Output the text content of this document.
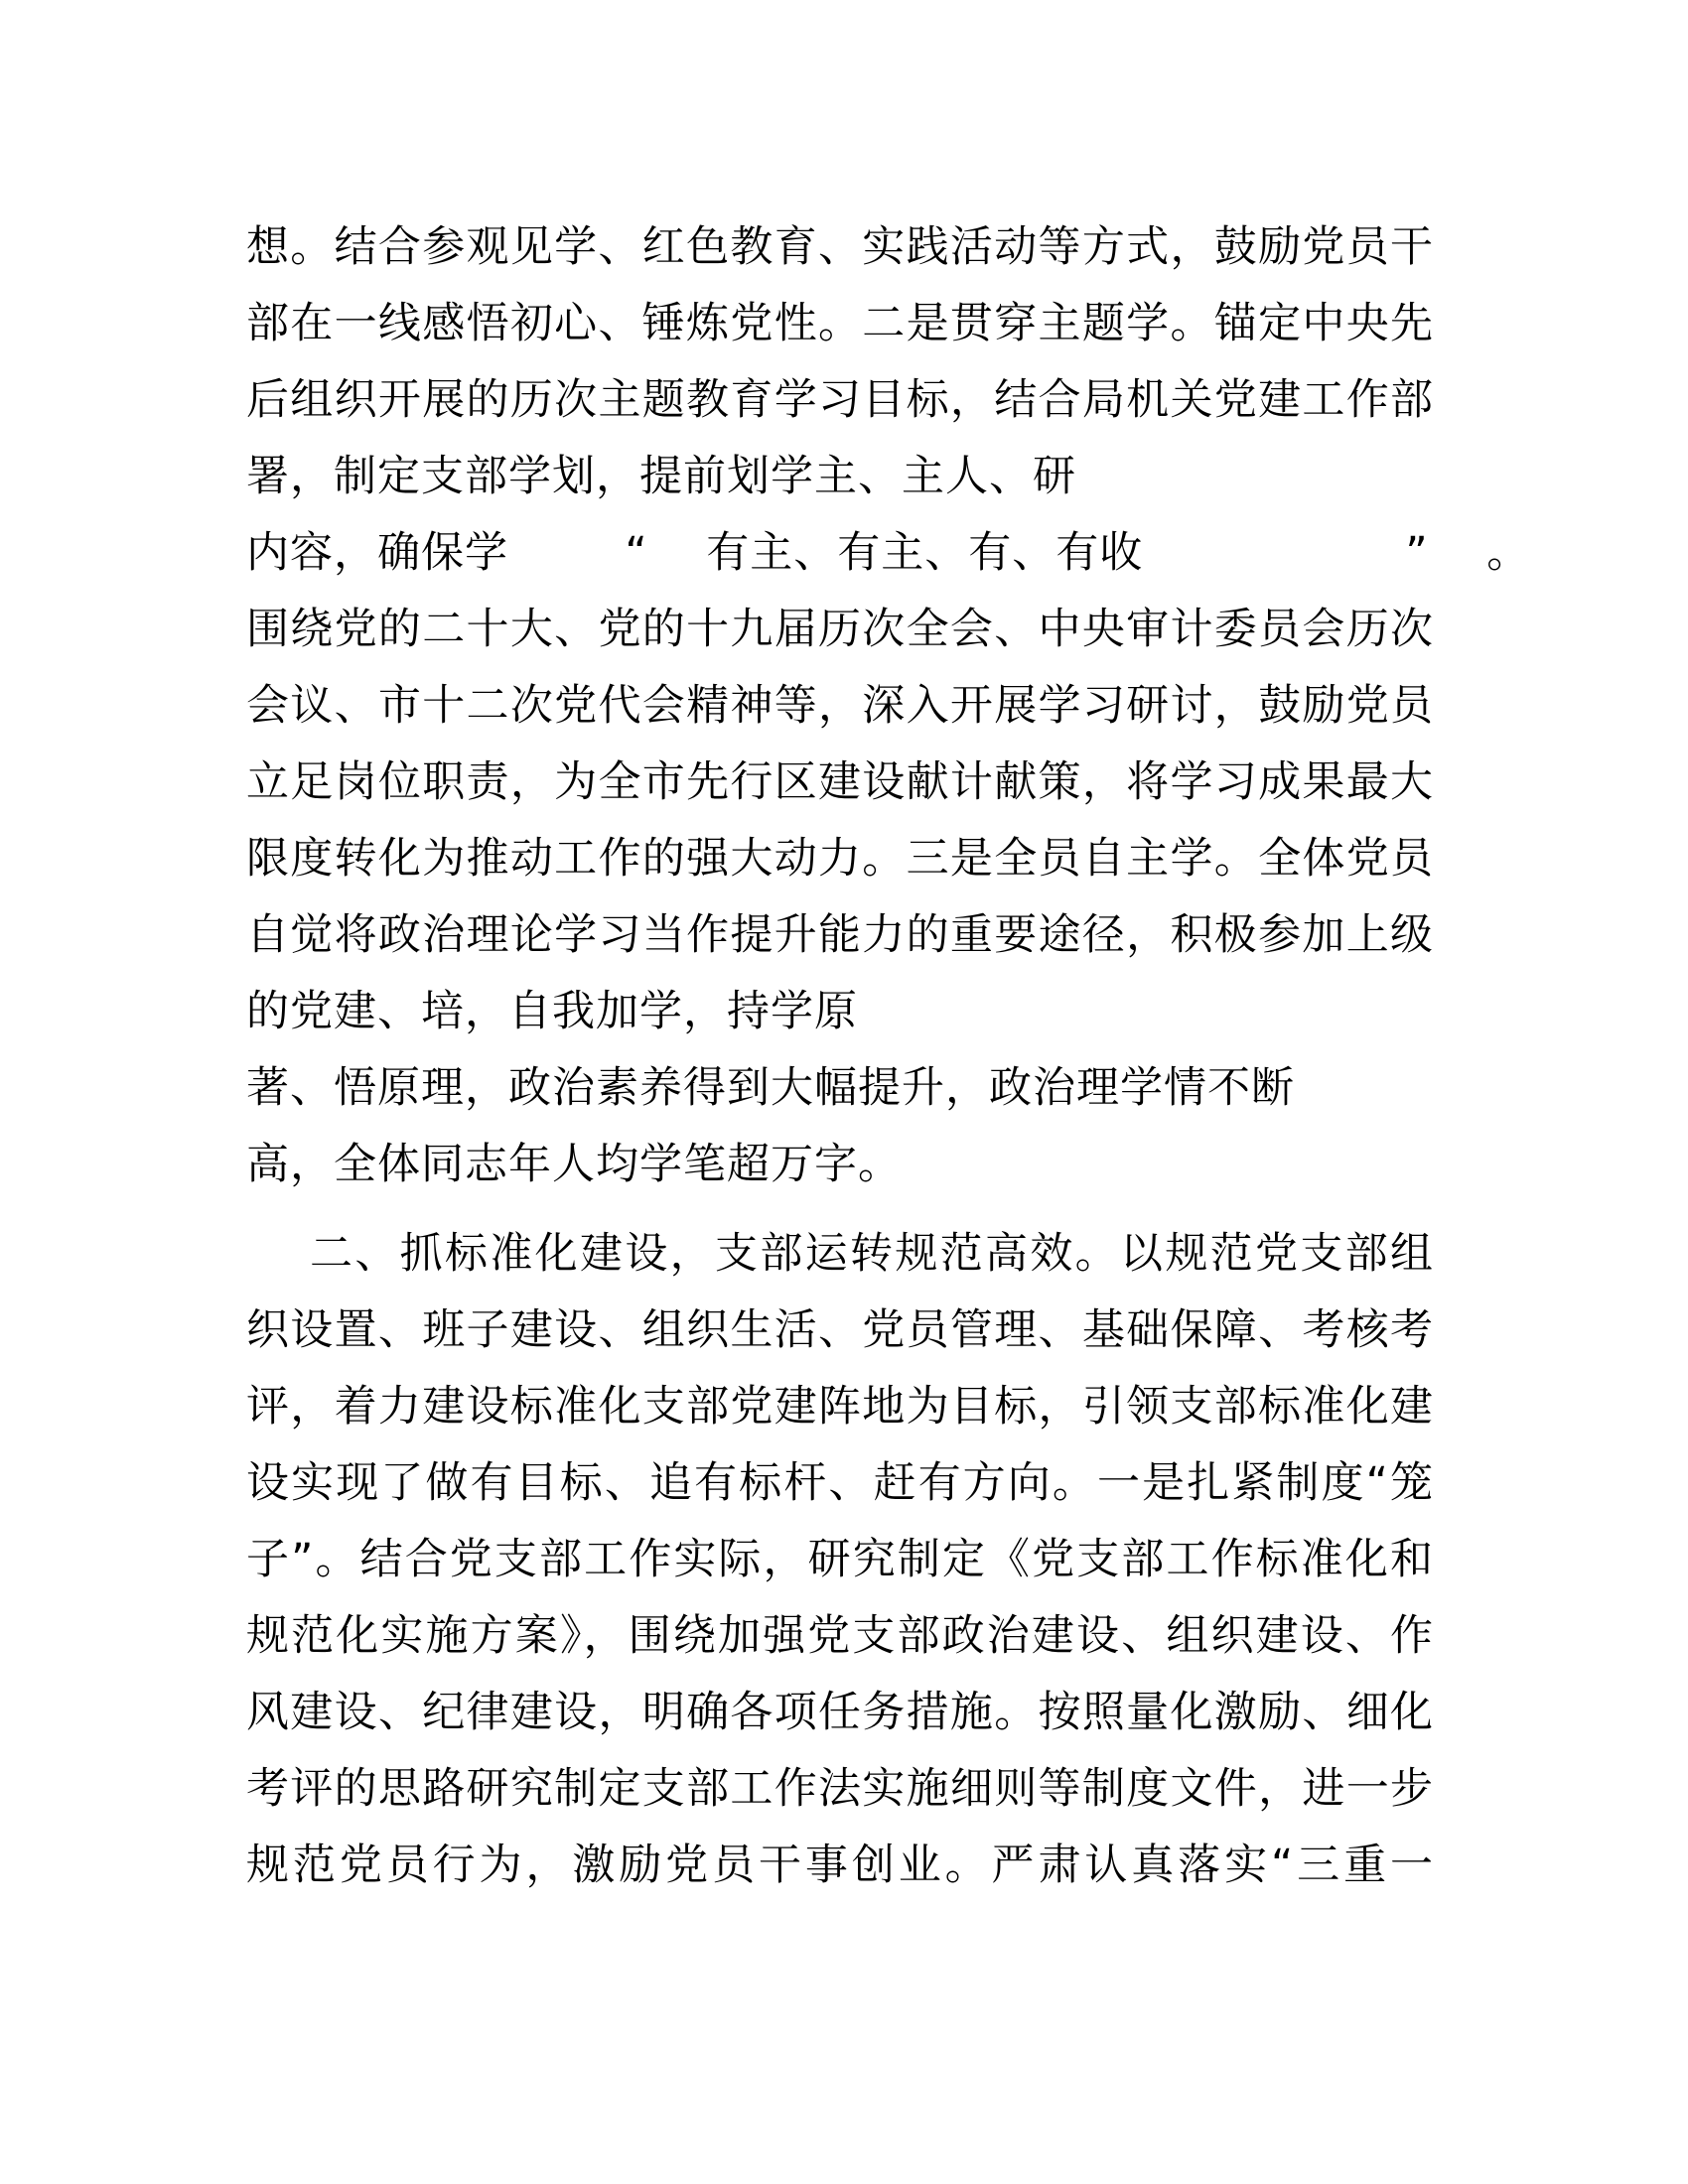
想。结合参观见学、红色教育、实践活动等方式，鼓励党员干
部在一线感悟初心、锤炼党性。二是贯穿主题学。锚定中央先
后组织开展的历次主题教育学习目标，结合局机关党建工作部
署，制定支部学划，提前划学主、主人、研
内容，确保学        “    有主、有主、有、有收                  ”    。
围绕党的二十大、党的十九届历次全会、中央审计委员会历次
会议、市十二次党代会精神等，深入开展学习研讨，鼓励党员
立足岗位职责，为全市先行区建设献计献策，将学习成果最大
限度转化为推动工作的强大动力。三是全员自主学。全体党员
自觉将政治理论学习当作提升能力的重要途径，积极参加上级
的党建、培，自我加学，持学原
著、悟原理，政治素养得到大幅提升，政治理学情不断
高，全体同志年人均学笔超万字。
二、抓标准化建设，支部运转规范高效。以规范党支部组
织设置、班子建设、组织生活、党员管理、基础保障、考核考
评，着力建设标准化支部党建阵地为目标，引领支部标准化建
设实现了做有目标、追有标杆、赶有方向。一是扎紧制度“笼
子”。结合党支部工作实际，研究制定《党支部工作标准化和
规范化实施方案》，围绕加强党支部政治建设、组织建设、作
风建设、纪律建设，明确各项任务措施。按照量化激励、细化
考评的思路研究制定支部工作法实施细则等制度文件，进一步
规范党员行为，激励党员干事创业。严肃认真落实“三重一
